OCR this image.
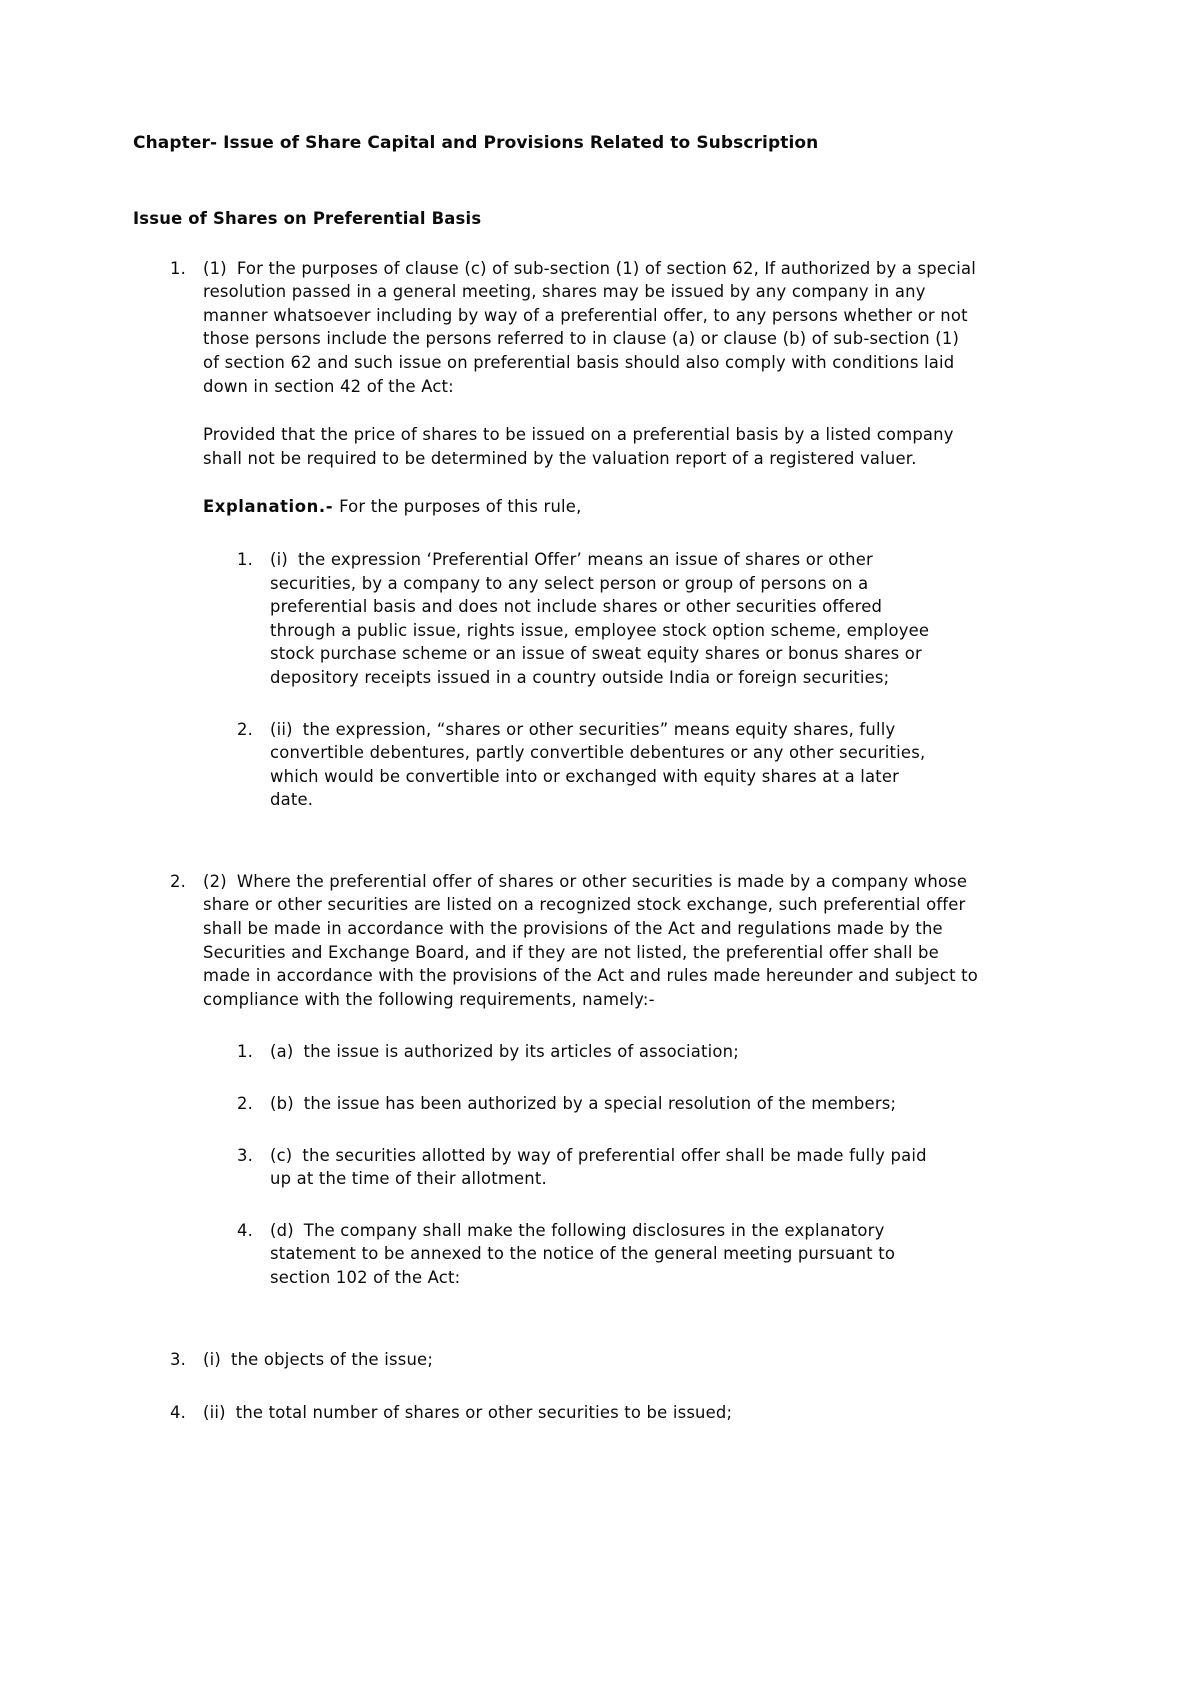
Chapter- Issue of Share Capital and Provisions Related to Subscription
Issue of Shares on Preferential Basis
1.	(1) For the purposes of clause (c) of sub-section (1) of section 62, If authorized by a special resolution passed in a general meeting, shares may be issued by any company in any manner whatsoever including by way of a preferential offer, to any persons whether or not those persons include the persons referred to in clause (a) or clause (b) of sub-section (1) of section 62 and such issue on preferential basis should also comply with conditions laid down in section 42 of the Act:

Provided that the price of shares to be issued on a preferential basis by a listed company shall not be required to be determined by the valuation report of a registered valuer.

Explanation.- For the purposes of this rule,

1.	(i) the expression ‘Preferential Offer’ means an issue of shares or other securities, by a company to any select person or group of persons on a preferential basis and does not include shares or other securities offered through a public issue, rights issue, employee stock option scheme, employee stock purchase scheme or an issue of sweat equity shares or bonus shares or depository receipts issued in a country outside India or foreign securities;

2.	(ii) the expression, “shares or other securities” means equity shares, fully convertible debentures, partly convertible debentures or any other securities, which would be convertible into or exchanged with equity shares at a later date.

2.	(2) Where the preferential offer of shares or other securities is made by a company whose share or other securities are listed on a recognized stock exchange, such preferential offer shall be made in accordance with the provisions of the Act and regulations made by the Securities and Exchange Board, and if they are not listed, the preferential offer shall be made in accordance with the provisions of the Act and rules made hereunder and subject to compliance with the following requirements, namely:-

1.	(a) the issue is authorized by its articles of association;

2.	(b) the issue has been authorized by a special resolution of the members;

3.	(c) the securities allotted by way of preferential offer shall be made fully paid up at the time of their allotment.

4.	(d) The company shall make the following disclosures in the explanatory statement to be annexed to the notice of the general meeting pursuant to section 102 of the Act:

3.	(i) the objects of the issue;

4.	(ii) the total number of shares or other securities to be issued;
